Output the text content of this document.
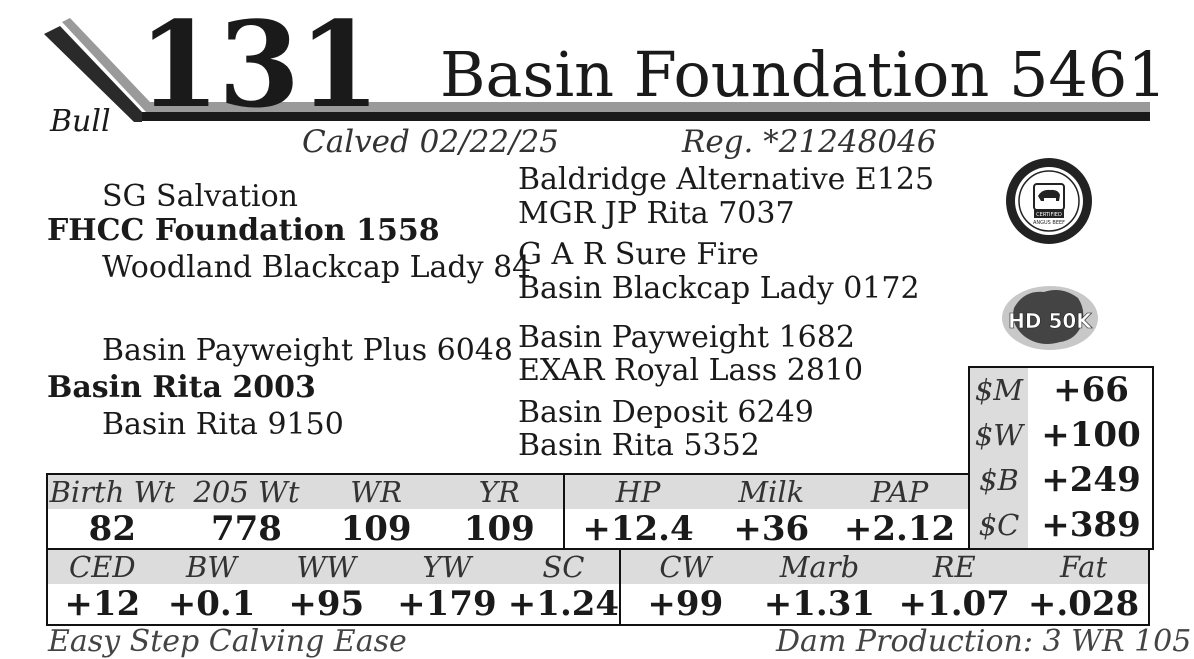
131 Basin Foundation 5461
Bull
Calved 02/22/25	Reg. *21248046
SG Salvation
FHCC Foundation 1558
Woodland Blackcap Lady 84
Basin Payweight Plus 6048
Basin Rita 2003
Basin Rita 9150
Baldridge Alternative E125
MGR JP Rita 7037
G A R Sure Fire
Basin Blackcap Lady 0172
Basin Payweight 1682
EXAR Royal Lass 2810
Basin Deposit 6249
Basin Rita 5352
CERTIFIED
ANGUS BEEF
HD 50K
$M +66
$W +100
$B +249
$C +389
Birth Wt	205 Wt	WR	YR	HP	Milk	PAP
82	778	109	109	+12.4	+36	+2.12
CED	BW	WW	YW	SC	CW	Marb	RE	Fat
+12	+0.1	+95	+179	+1.24	+99	+1.31	+1.07	+.028
Easy Step Calving Ease	Dam Production: 3 WR 105
